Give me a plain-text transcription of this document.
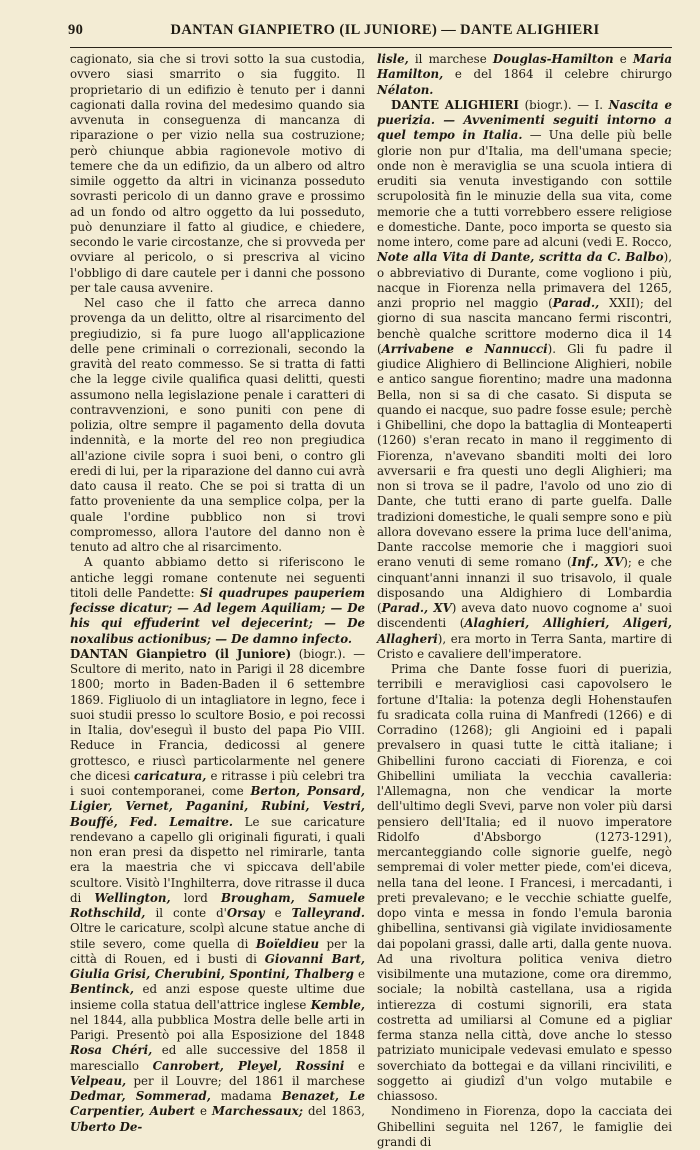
90	DANTAN GIANPIETRO (IL JUNIORE) — DANTE ALIGHIERI

cagionato, sia che si trovi sotto la sua custodia, ovvero siasi smarrito o sia fuggito. Il proprietario di un edifizio è tenuto per i danni cagionati dalla rovina del medesimo quando sia avvenuta in conseguenza di mancanza di riparazione o per vizio nella sua costruzione; però chiunque abbia ragionevole motivo di temere che da un edifizio, da un albero od altro simile oggetto da altri in vicinanza posseduto sovrasti pericolo di un danno grave e prossimo ad un fondo od altro oggetto da lui posseduto, può denunziare il fatto al giudice, e chiedere, secondo le varie circostanze, che si provveda per ovviare al pericolo, o si prescriva al vicino l'obbligo di dare cautele per i danni che possono per tale causa avvenire.

Nel caso che il fatto che arreca danno provenga da un delitto, oltre al risarcimento del pregiudizio, si fa pure luogo all'applicazione delle pene criminali o correzionali, secondo la gravità del reato commesso. Se si tratta di fatti che la legge civile qualifica quasi delitti, questi assumono nella legislazione penale i caratteri di contravvenzioni, e sono puniti con pene di polizia, oltre sempre il pagamento della dovuta indennità, e la morte del reo non pregiudica all'azione civile sopra i suoi beni, o contro gli eredi di lui, per la riparazione del danno cui avrà dato causa il reato. Che se poi si tratta di un fatto proveniente da una semplice colpa, per la quale l'ordine pubblico non si trovi compromesso, allora l'autore del danno non è tenuto ad altro che al risarcimento.

A quanto abbiamo detto si riferiscono le antiche leggi romane contenute nei seguenti titoli delle Pandette: Si quadrupes pauperiem fecisse dicatur; — Ad legem Aquiliam; — De his qui effuderint vel dejecerint; — De noxalibus actionibus; — De damno infecto.

DANTAN Gianpietro (il Juniore) (biogr.). — Scultore di merito, nato in Parigi il 28 dicembre 1800; morto in Baden-Baden il 6 settembre 1869. Figliuolo di un intagliatore in legno, fece i suoi studii presso lo scultore Bosio, e poi recossi in Italia, dov'eseguì il busto del papa Pio VIII. Reduce in Francia, dedicossi al genere grottesco, e riuscì particolarmente nel genere che dicesi caricatura, e ritrasse i più celebri tra i suoi contemporanei, come Berton, Ponsard, Ligier, Vernet, Paganini, Rubini, Vestri, Bouffé, Fed. Lemaitre. Le sue caricature rendevano a capello gli originali figurati, i quali non eran presi da dispetto nel rimirarle, tanta era la maestria che vi spiccava dell'abile scultore. Visitò l'Inghilterra, dove ritrasse il duca di Wellington, lord Brougham, Samuele Rothschild, il conte d'Orsay e Talleyrand. Oltre le caricature, scolpì alcune statue anche di stile severo, come quella di Boïeldieu per la città di Rouen, ed i busti di Giovanni Bart, Giulia Grisi, Cherubini, Spontini, Thalberg e Bentinck, ed anzi espose queste ultime due insieme colla statua dell'attrice inglese Kemble, nel 1844, alla pubblica Mostra delle belle arti in Parigi. Presentò poi alla Esposizione del 1848 Rosa Chéri, ed alle successive del 1858 il maresciallo Canrobert, Pleyel, Rossini e Velpeau, per il Louvre; del 1861 il marchese Dedmar, Sommerad, madama Benazet, Le Carpentier, Aubert e Marchessaux; del 1863, Uberto De-

lisle, il marchese Douglas-Hamilton e Maria Hamilton, e del 1864 il celebre chirurgo Nélaton.

DANTE ALIGHIERI (biogr.). — I. Nascita e puerizia. — Avvenimenti seguiti intorno a quel tempo in Italia. — Una delle più belle glorie non pur d'Italia, ma dell'umana specie; onde non è meraviglia se una scuola intiera di eruditi sia venuta investigando con sottile scrupolosità fin le minuzie della sua vita, come memorie che a tutti vorrebbero essere religiose e domestiche. Dante, poco importa se questo sia nome intero, come pare ad alcuni (vedi E. Rocco, Note alla Vita di Dante, scritta da C. Balbo), o abbreviativo di Durante, come vogliono i più, nacque in Fiorenza nella primavera del 1265, anzi proprio nel maggio (Parad., XXII); del giorno di sua nascita mancano fermi riscontri, benchè qualche scrittore moderno dica il 14 (Arrivabene e Nannucci). Gli fu padre il giudice Alighiero di Bellincione Alighieri, nobile e antico sangue fiorentino; madre una madonna Bella, non si sa di che casato. Si disputa se quando ei nacque, suo padre fosse esule; perchè i Ghibellini, che dopo la battaglia di Monteaperti (1260) s'eran recato in mano il reggimento di Fiorenza, n'avevano sbanditi molti dei loro avversarii e fra questi uno degli Alighieri; ma non si trova se il padre, l'avolo od uno zio di Dante, che tutti erano di parte guelfa. Dalle tradizioni domestiche, le quali sempre sono e più allora dovevano essere la prima luce dell'anima, Dante raccolse memorie che i maggiori suoi erano venuti di seme romano (Inf., XV); e che cinquant'anni innanzi il suo trisavolo, il quale disposando una Aldighiero di Lombardia (Parad., XV) aveva dato nuovo cognome a' suoi discendenti (Alaghieri, Allighieri, Aligeri, Allagheri), era morto in Terra Santa, martire di Cristo e cavaliere dell'imperatore.

Prima che Dante fosse fuori di puerizia, terribili e meravigliosi casi capovolsero le fortune d'Italia: la potenza degli Hohenstaufen fu sradicata colla ruina di Manfredi (1266) e di Corradino (1268); gli Angioini ed i papali prevalsero in quasi tutte le città italiane; i Ghibellini furono cacciati di Fiorenza, e coi Ghibellini umiliata la vecchia cavalleria: l'Allemagna, non che vendicar la morte dell'ultimo degli Svevi, parve non voler più darsi pensiero dell'Italia; ed il nuovo imperatore Ridolfo d'Absborgo (1273-1291), mercanteggiando colle signorie guelfe, negò sempremai di voler metter piede, com'ei diceva, nella tana del leone. I Francesi, i mercadanti, i preti prevalevano; e le vecchie schiatte guelfe, dopo vinta e messa in fondo l'emula baronia ghibellina, sentivansi già vigilate invidiosamente dai popolani grassi, dalle arti, dalla gente nuova. Ad una rivoltura politica veniva dietro visibilmente una mutazione, come ora diremmo, sociale; la nobiltà castellana, usa a rigida intierezza di costumi signorili, era stata costretta ad umiliarsi al Comune ed a pigliar ferma stanza nella città, dove anche lo stesso patriziato municipale vedevasi emulato e spesso soverchiato da bottegai e da villani rinciviliti, e soggetto ai giudizî d'un volgo mutabile e chiassoso.

Nondimeno in Fiorenza, dopo la cacciata dei Ghibellini seguita nel 1267, le famiglie dei grandi di
